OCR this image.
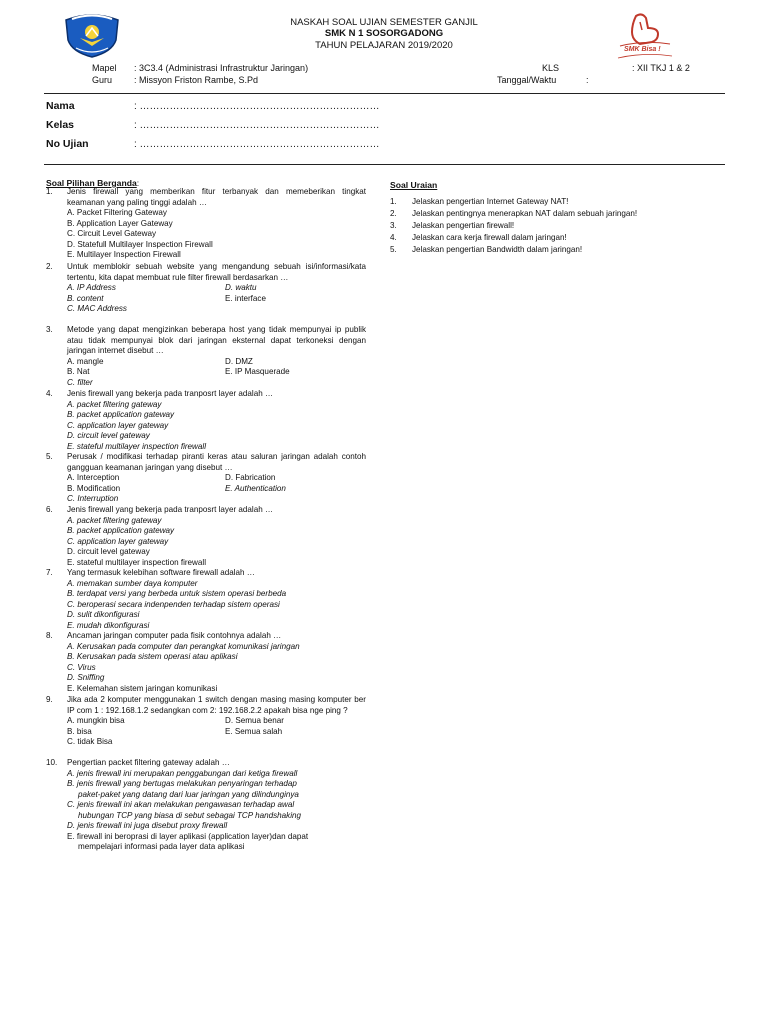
NASKAH SOAL UJIAN SEMESTER GANJIL
SMK N 1 SOSORGADONG
TAHUN PELAJARAN 2019/2020	SMK Bisa !
Mapel : 3C3.4 (Administrasi Infrastruktur Jaringan)
Guru : Missyon Friston Rambe, S.Pd
KLS	: XII TKJ 1 & 2
Tanggal/Waktu	:
Nama	: ………………………………………………………………
Kelas	: ………………………………………………………………
No Ujian	: ………………………………………………………………
Soal Pilihan Berganda:	Soal Uraian
1. Jenis firewall yang memberikan fitur terbanyak dan memeberikan tingkat keamanan yang paling tinggi adalah …
A. Packet Filtering Gateway
B. Application Layer Gateway
C. Circuit Level Gateway
D. Statefull Multilayer Inspection Firewall
E. Multilayer Inspection Firewall
2. Untuk memblokir sebuah website yang mengandung sebuah isi/informasi/kata tertentu, kita dapat membuat rule filter firewall berdasarkan …
A. IP Address	D. waktu
B. content	E. interface
C. MAC Address
3. Metode yang dapat mengizinkan beberapa host yang tidak mempunyai ip publik atau tidak mempunyai blok dari jaringan eksternal dapat terkoneksi dengan jaringan internet disebut …
A. mangle	D. DMZ
B. Nat	E. IP Masquerade
C. filter
4. Jenis firewall yang bekerja pada tranposrt layer adalah …
A. packet filtering gateway
B. packet application gateway
C. application layer gateway
D. circuit level gateway
E. stateful multilayer inspection firewall
5. Perusak / modifikasi terhadap piranti keras atau saluran jaringan adalah contoh gangguan keamanan jaringan yang disebut …
A. Interception	D. Fabrication
B. Modification	E. Authentication
C. Interruption
6. Jenis firewall yang bekerja pada tranposrt layer adalah …
A. packet filtering gateway
B. packet application gateway
C. application layer gateway
D. circuit level gateway
E. stateful multilayer inspection firewall
7. Yang termasuk kelebihan software firewall adalah …
A. memakan sumber daya komputer
B. terdapat versi yang berbeda untuk sistem operasi berbeda
C. beroperasi secara indenpenden terhadap sistem operasi
D. sulit dikonfigurasi
E. mudah dikonfigurasi
8. Ancaman jaringan computer pada fisik contohnya adalah …
A. Kerusakan pada computer dan perangkat komunikasi jaringan
B. Kerusakan pada sistem operasi atau aplikasi
C. Virus
D. Sniffing
E. Kelemahan sistem jaringan komunikasi
9. Jika ada 2 komputer menggunakan 1 switch dengan masing masing komputer ber IP com 1 : 192.168.1.2 sedangkan com 2: 192.168.2.2 apakah bisa nge ping ?
A. mungkin bisa	D. Semua benar
B. bisa	E. Semua salah
C. tidak Bisa
10. Pengertian packet filtering gateway adalah …
A. jenis firewall ini merupakan penggabungan dari ketiga firewall
B. jenis firewall yang bertugas melakukan penyaringan terhadap
paket-paket yang datang dari luar jaringan yang dilindunginya
C. jenis firewall ini akan melakukan pengawasan terhadap awal
hubungan TCP yang biasa di sebut sebagai TCP handshaking
D. jenis firewall ini juga disebut proxy firewall
E. firewall ini beroprasi di layer aplikasi (application layer)dan dapat
mempelajari informasi pada layer data aplikasi
1.	Jelaskan pengertian Internet Gateway NAT!
2.	Jelaskan pentingnya menerapkan NAT dalam sebuah jaringan!
3.	Jelaskan pengertian firewall!
4.	Jelaskan cara kerja firewall dalam jaringan!
5.	Jelaskan pengertian Bandwidth dalam jaringan!
